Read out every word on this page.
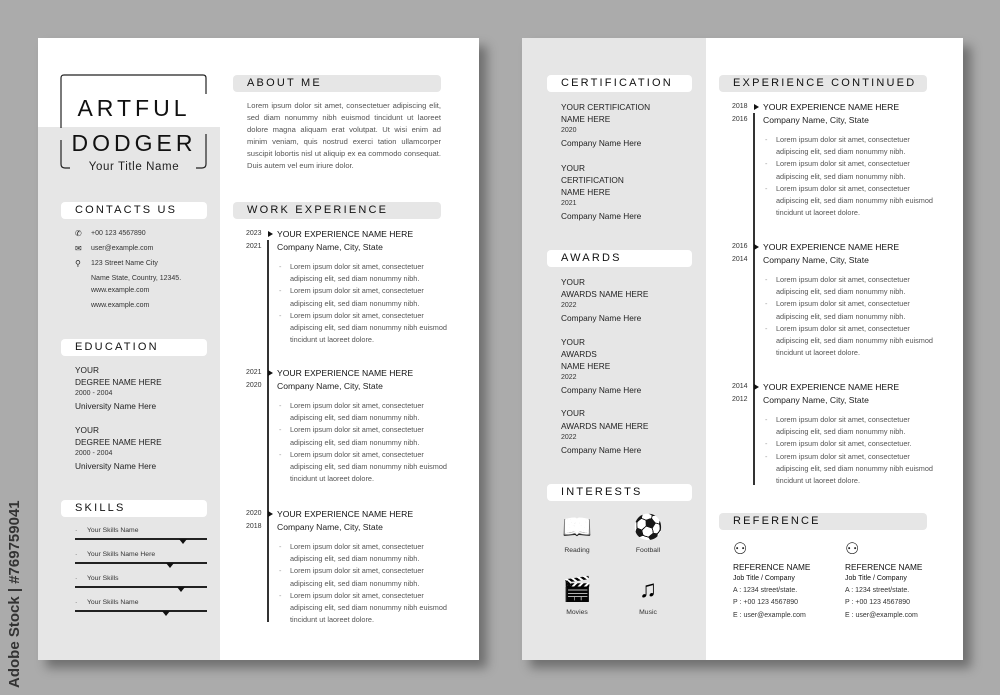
Adobe Stock | #769759041
ARTFUL
DODGER
Your Title Name
CONTACTS US
✆	+00 123 4567890
✉	user@example.com
⚲	123 Street Name City
Name State, Country, 12345.
www.example.com
www.example.com
EDUCATION
YOUR
DEGREE NAME HERE
2000 - 2004
University Name Here
YOUR
DEGREE NAME HERE
2000 - 2004
University Name Here
SKILLS
· Your Skills Name
· Your Skills Name Here
· Your Skills
· Your Skills Name
ABOUT ME
Lorem ipsum dolor sit amet, consectetuer adipiscing elit, sed diam nonummy nibh euismod tincidunt ut laoreet dolore magna aliquam erat volutpat. Ut wisi enim ad minim veniam, quis nostrud exerci tation ullamcorper suscipit lobortis nisl ut aliquip ex ea commodo consequat. Duis autem vel eum iriure dolor.
WORK EXPERIENCE
2023
2021
YOUR EXPERIENCE NAME HERE
Company Name, City, State
- Lorem ipsum dolor sit amet, consectetuer adipiscing elit, sed diam nonummy nibh.
- Lorem ipsum dolor sit amet, consectetuer adipiscing elit, sed diam nonummy nibh.
- Lorem ipsum dolor sit amet, consectetuer adipiscing elit, sed diam nonummy nibh euismod tincidunt ut laoreet dolore.
2021
2020
YOUR EXPERIENCE NAME HERE
Company Name, City, State
- Lorem ipsum dolor sit amet, consectetuer adipiscing elit, sed diam nonummy nibh.
- Lorem ipsum dolor sit amet, consectetuer adipiscing elit, sed diam nonummy nibh.
- Lorem ipsum dolor sit amet, consectetuer adipiscing elit, sed diam nonummy nibh euismod tincidunt ut laoreet dolore.
2020
2018
YOUR EXPERIENCE NAME HERE
Company Name, City, State
- Lorem ipsum dolor sit amet, consectetuer adipiscing elit, sed diam nonummy nibh.
- Lorem ipsum dolor sit amet, consectetuer adipiscing elit, sed diam nonummy nibh.
- Lorem ipsum dolor sit amet, consectetuer adipiscing elit, sed diam nonummy nibh euismod tincidunt ut laoreet dolore.
CERTIFICATION
YOUR CERTIFICATION
NAME HERE
2020
Company Name Here
YOUR
CERTIFICATION
NAME HERE
2021
Company Name Here
AWARDS
YOUR
AWARDS NAME HERE
2022
Company Name Here
YOUR
AWARDS
NAME HERE
2022
Company Name Here
YOUR
AWARDS NAME HERE
2022
Company Name Here
INTERESTS
📖
Reading
⚽
Football
🎬
Movies
♫
Music
EXPERIENCE CONTINUED
2018
2016
YOUR EXPERIENCE NAME HERE
Company Name, City, State
- Lorem ipsum dolor sit amet, consectetuer adipiscing elit, sed diam nonummy nibh.
- Lorem ipsum dolor sit amet, consectetuer adipiscing elit, sed diam nonummy nibh.
- Lorem ipsum dolor sit amet, consectetuer adipiscing elit, sed diam nonummy nibh euismod tincidunt ut laoreet dolore.
2016
2014
YOUR EXPERIENCE NAME HERE
Company Name, City, State
- Lorem ipsum dolor sit amet, consectetuer adipiscing elit, sed diam nonummy nibh.
- Lorem ipsum dolor sit amet, consectetuer adipiscing elit, sed diam nonummy nibh.
- Lorem ipsum dolor sit amet, consectetuer adipiscing elit, sed diam nonummy nibh euismod tincidunt ut laoreet dolore.
2014
2012
YOUR EXPERIENCE NAME HERE
Company Name, City, State
- Lorem ipsum dolor sit amet, consectetuer adipiscing elit, sed diam nonummy nibh.
- Lorem ipsum dolor sit amet, consectetuer.
- Lorem ipsum dolor sit amet, consectetuer adipiscing elit, sed diam nonummy nibh euismod tincidunt ut laoreet dolore.
REFERENCE
⚇
REFERENCE NAME
Job Title / Company
A : 1234 street/state.
P : +00 123 4567890
E : user@example.com
⚇
REFERENCE NAME
Job Title / Company
A : 1234 street/state.
P : +00 123 4567890
E : user@example.com
